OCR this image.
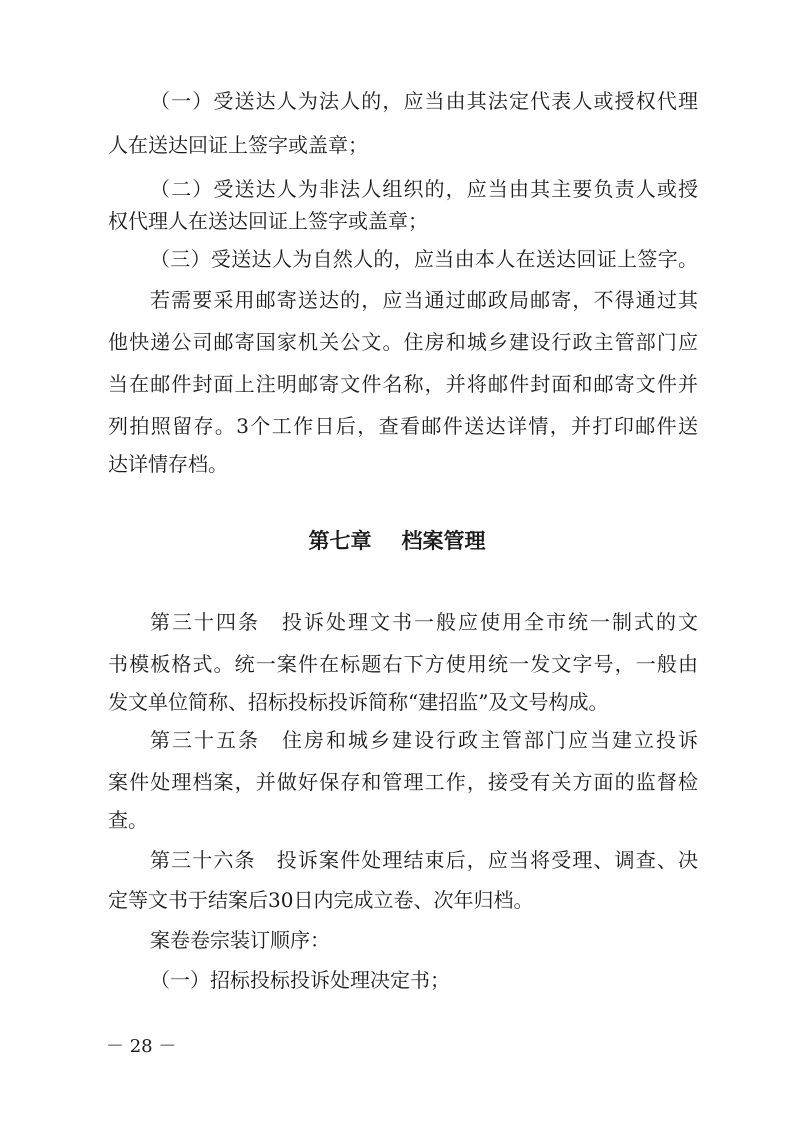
（一）受送达人为法人的，应当由其法定代表人或授权代理
人在送达回证上签字或盖章；
（二）受送达人为非法人组织的，应当由其主要负责人或授
权代理人在送达回证上签字或盖章；
（三）受送达人为自然人的，应当由本人在送达回证上签字。
若需要采用邮寄送达的，应当通过邮政局邮寄，不得通过其
他快递公司邮寄国家机关公文。住房和城乡建设行政主管部门应
当在邮件封面上注明邮寄文件名称，并将邮件封面和邮寄文件并
列拍照留存。3个工作日后，查看邮件送达详情，并打印邮件送
达详情存档。
第七章 档案管理
第三十四条　投诉处理文书一般应使用全市统一制式的文
书模板格式。统一案件在标题右下方使用统一发文字号，一般由
发文单位简称、招标投标投诉简称“建招监”及文号构成。
第三十五条　住房和城乡建设行政主管部门应当建立投诉
案件处理档案，并做好保存和管理工作，接受有关方面的监督检
查。
第三十六条　投诉案件处理结束后，应当将受理、调查、决
定等文书于结案后30日内完成立卷、次年归档。
案卷卷宗装订顺序：
（一）招标投标投诉处理决定书；
－ 28 －
